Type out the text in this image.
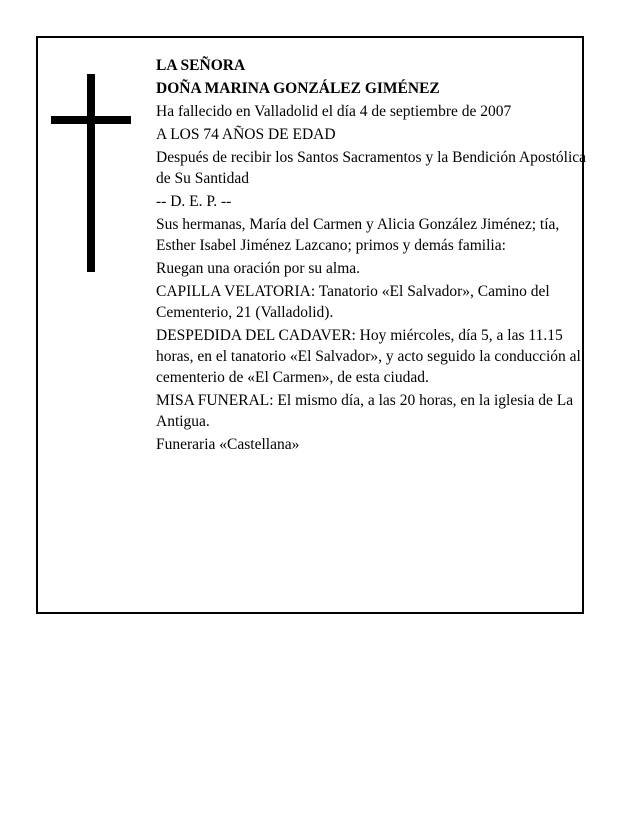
LA SEÑORA

DOÑA MARINA GONZÁLEZ GIMÉNEZ

Ha fallecido en Valladolid el día 4 de septiembre de 2007

A LOS 74 AÑOS DE EDAD

Después de recibir los Santos Sacramentos y la Bendición Apostólica de Su Santidad

-- D. E. P. --

Sus hermanas, María del Carmen y Alicia González Jiménez; tía, Esther Isabel Jiménez Lazcano; primos y demás familia:

Ruegan una oración por su alma.

CAPILLA VELATORIA: Tanatorio «El Salvador», Camino del Cementerio, 21 (Valladolid).

DESPEDIDA DEL CADAVER: Hoy miércoles, día 5, a las 11.15 horas, en el tanatorio «El Salvador», y acto seguido la conducción al cementerio de «El Carmen», de esta ciudad.

MISA FUNERAL: El mismo día, a las 20 horas, en la iglesia de La Antigua.

Funeraria «Castellana»
